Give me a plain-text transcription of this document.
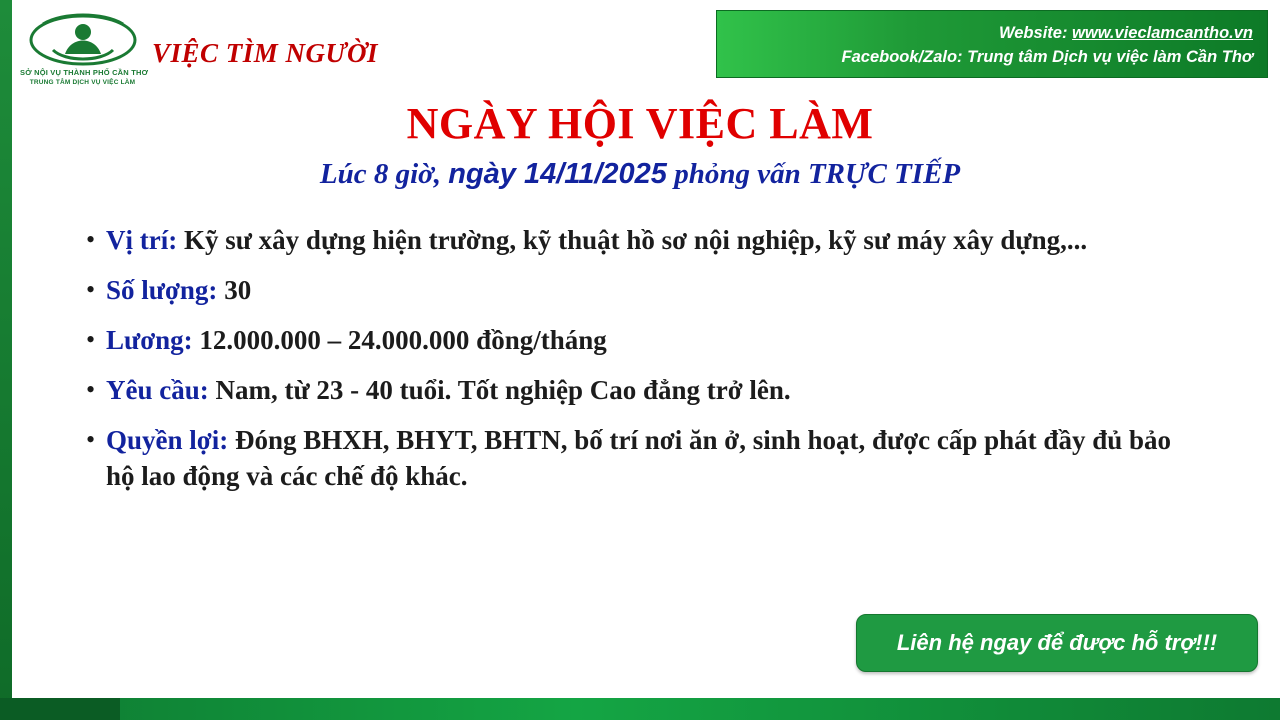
SỞ NỘI VỤ THÀNH PHỐ CẦN THƠ
TRUNG TÂM DỊCH VỤ VIỆC LÀM
VIỆC TÌM NGƯỜI
Website: www.vieclamcantho.vn
Facebook/Zalo: Trung tâm Dịch vụ việc làm Cần Thơ
NGÀY HỘI VIỆC LÀM
Lúc 8 giờ, ngày 14/11/2025 phỏng vấn TRỰC TIẾP
• Vị trí: Kỹ sư xây dựng hiện trường, kỹ thuật hồ sơ nội nghiệp, kỹ sư máy xây dựng,...
• Số lượng: 30
• Lương: 12.000.000 – 24.000.000 đồng/tháng
• Yêu cầu: Nam, từ 23 - 40 tuổi. Tốt nghiệp Cao đẳng trở lên.
• Quyền lợi: Đóng BHXH, BHYT, BHTN, bố trí nơi ăn ở, sinh hoạt, được cấp phát đầy đủ bảo hộ lao động và các chế độ khác.
Liên hệ ngay để được hỗ trợ!!!
